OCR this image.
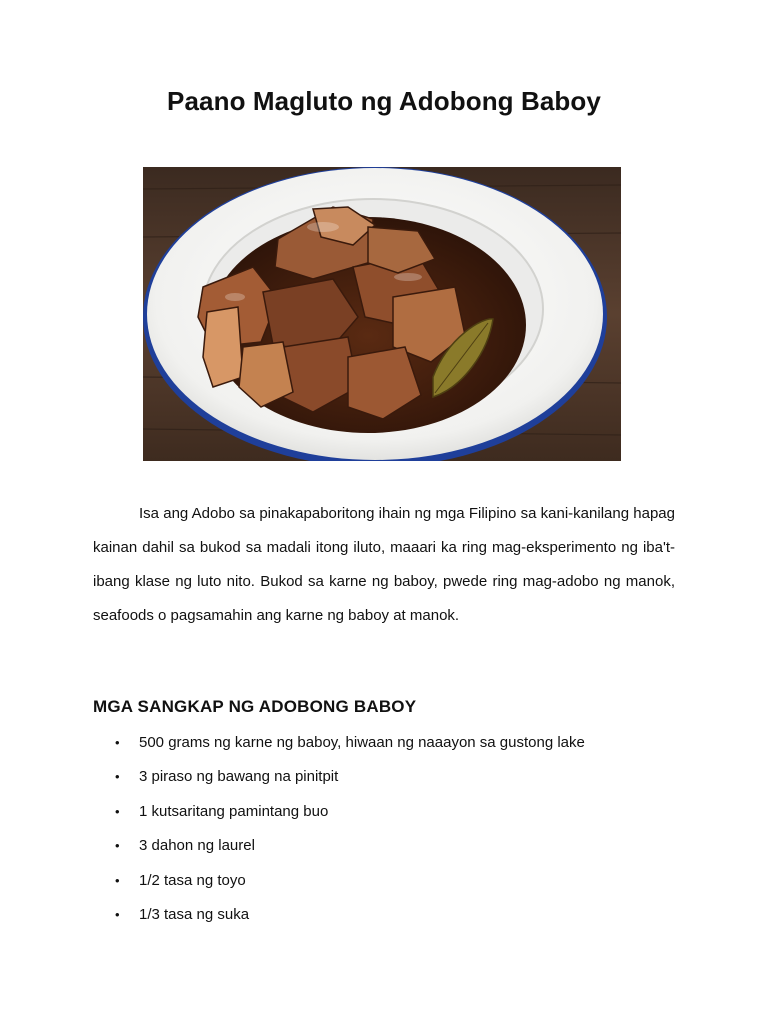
Paano Magluto ng Adobong Baboy

Isa ang Adobo sa pinakapaboritong ihain ng mga Filipino sa kani-kanilang hapag kainan dahil sa bukod sa madali itong iluto, maaari ka ring mag-eksperimento ng iba't-ibang klase ng luto nito. Bukod sa karne ng baboy, pwede ring mag-adobo ng manok, seafoods o pagsamahin ang karne ng baboy at manok.

MGA SANGKAP NG ADOBONG BABOY
• 500 grams ng karne ng baboy, hiwaan ng naaayon sa gustong lake
• 3 piraso ng bawang na pinitpit
• 1 kutsaritang pamintang buo
• 3 dahon ng laurel
• 1/2 tasa ng toyo
• 1/3 tasa ng suka
